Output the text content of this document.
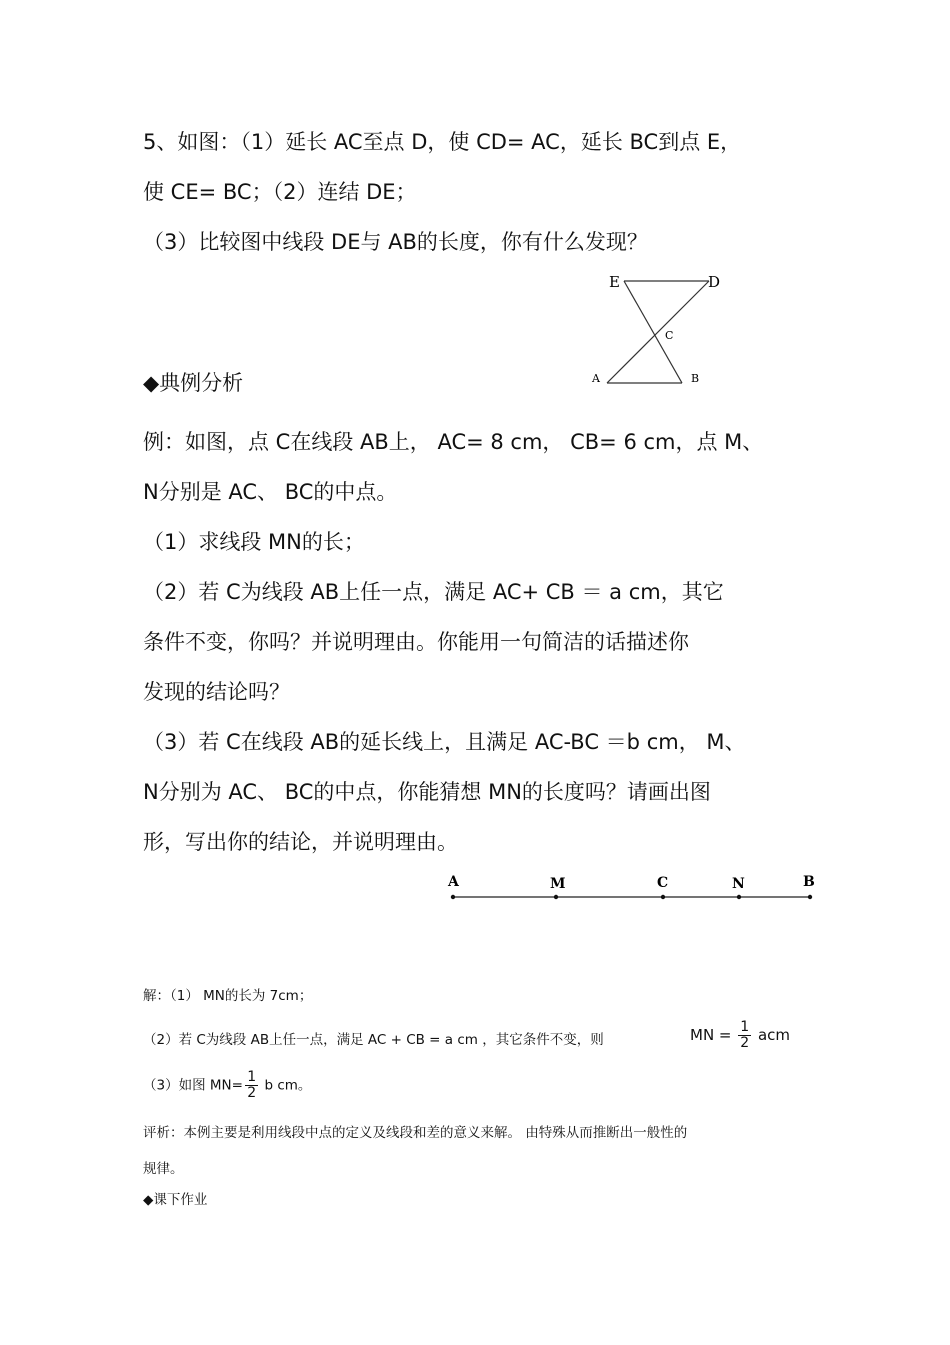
5、如图：（1）延长 AC至点 D，使 CD= AC，延长 BC到点 E，
使 CE= BC；（2）连结 DE；
（3）比较图中线段 DE与 AB的长度，你有什么发现？
E	D
C
A	B
◆典例分析
例：如图，点 C在线段 AB上， AC= 8 cm， CB= 6 cm，点 M、
N分别是 AC、 BC的中点。
（1）求线段 MN的长；
（2）若 C为线段 AB上任一点，满足 AC+ CB ＝ a cm，其它
条件不变，你吗？并说明理由。你能用一句简洁的话描述你
发现的结论吗？
（3）若 C在线段 AB的延长线上，且满足 AC-BC ＝b cm， M、
N分别为 AC、 BC的中点，你能猜想 MN的长度吗？请画出图
形，写出你的结论，并说明理由。
A	M	C	N	B
解：（1） MN的长为 7cm；
（2）若 C为线段 AB上任一点，满足 AC + CB = a cm ，其它条件不变，则	MN = $\frac{1}{2}$ acm
（3）如图 $MN= \frac{1}{2}$ b cm。
评析：本例主要是利用线段中点的定义及线段和差的意义来解。 由特殊从而推断出一般性的
规律。
◆课下作业
